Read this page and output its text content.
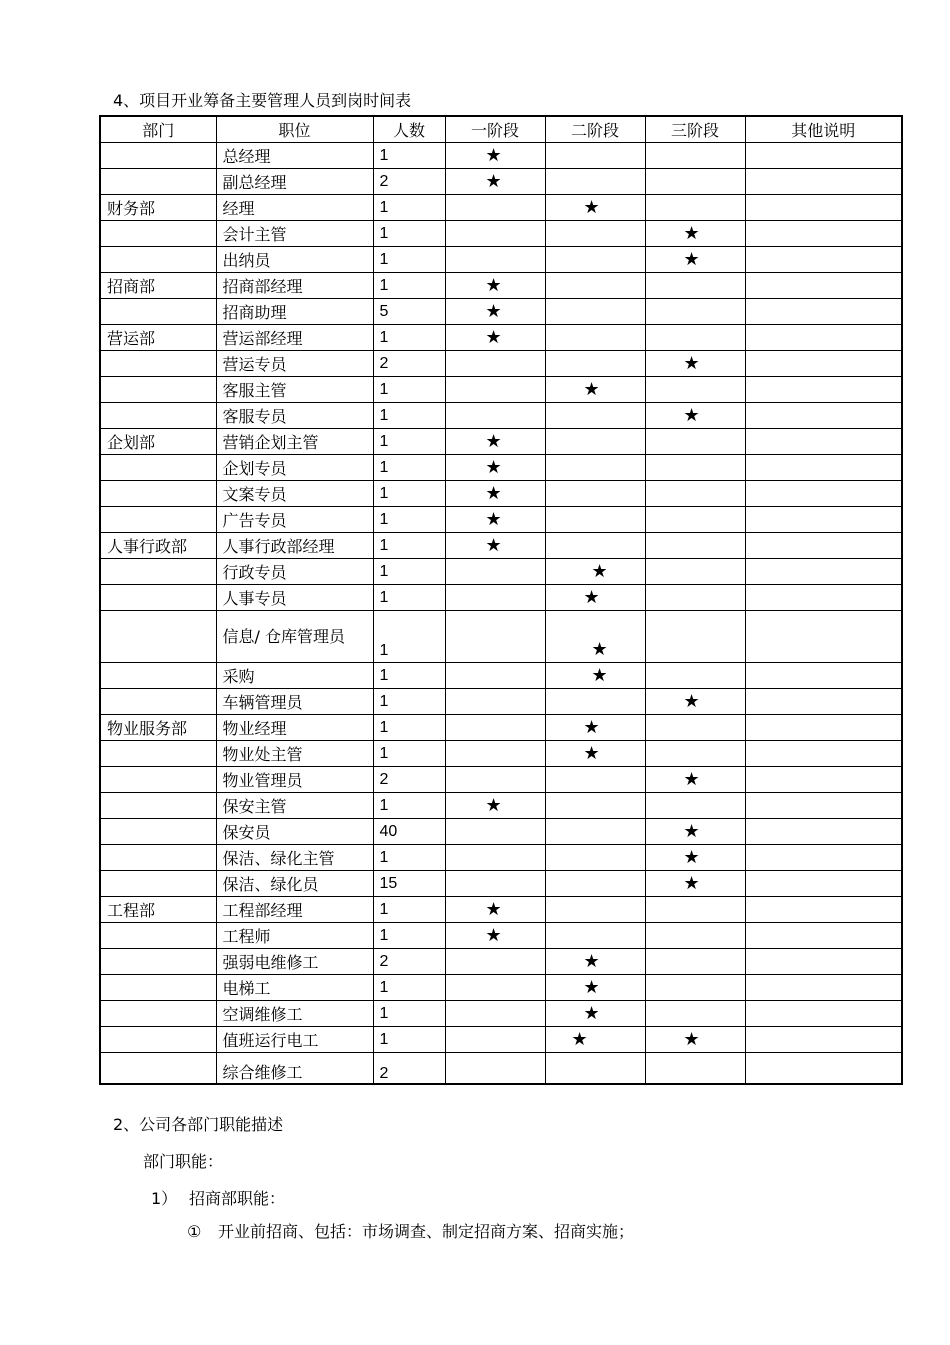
4、项目开业筹备主要管理人员到岗时间表
部门	职位	人数	一阶段	二阶段	三阶段	其他说明
	总经理	1	★			
	副总经理	2	★			
财务部	经理	1		★		
	会计主管	1			★	
	出纳员	1			★	
招商部	招商部经理	1	★			
	招商助理	5	★			
营运部	营运部经理	1	★			
	营运专员	2			★	
	客服主管	1		★		
	客服专员	1			★	
企划部	营销企划主管	1	★			
	企划专员	1	★			
	文案专员	1	★			
	广告专员	1	★			
人事行政部	人事行政部经理	1	★			
	行政专员	1		★		
	人事专员	1		★		
	信息/ 仓库管理员	1		★		
	采购	1		★		
	车辆管理员	1			★	
物业服务部	物业经理	1		★		
	物业处主管	1		★		
	物业管理员	2			★	
	保安主管	1	★			
	保安员	40			★	
	保洁、绿化主管	1			★	
	保洁、绿化员	15			★	
工程部	工程部经理	1	★			
	工程师	1	★			
	强弱电维修工	2		★		
	电梯工	1		★		
	空调维修工	1		★		
	值班运行电工	1		★	★	
	综合维修工	2				
2、公司各部门职能描述
部门职能：
1） 招商部职能：
① 开业前招商、包括：市场调查、制定招商方案、招商实施；
